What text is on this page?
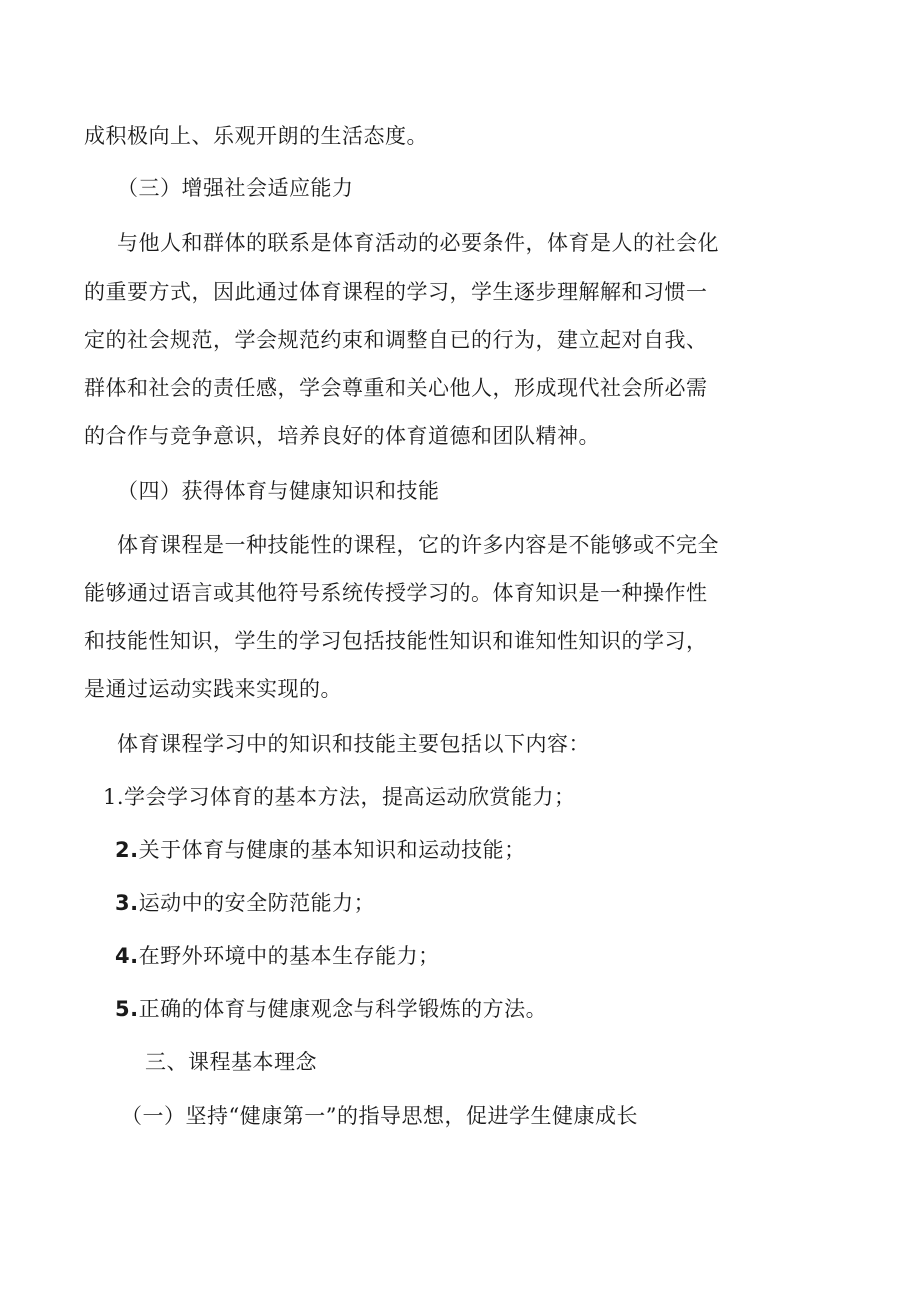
成积极向上、乐观开朗的生活态度。
（三）增强社会适应能力
与他人和群体的联系是体育活动的必要条件，体育是人的社会化
的重要方式，因此通过体育课程的学习，学生逐步理解解和习惯一
定的社会规范，学会规范约束和调整自已的行为，建立起对自我、
群体和社会的责任感，学会尊重和关心他人，形成现代社会所必需
的合作与竞争意识，培养良好的体育道德和团队精神。
（四）获得体育与健康知识和技能
体育课程是一种技能性的课程，它的许多内容是不能够或不完全
能够通过语言或其他符号系统传授学习的。体育知识是一种操作性
和技能性知识，学生的学习包括技能性知识和谁知性知识的学习，
是通过运动实践来实现的。
体育课程学习中的知识和技能主要包括以下内容：
1.学会学习体育的基本方法，提高运动欣赏能力；
2.关于体育与健康的基本知识和运动技能；
3.运动中的安全防范能力；
4.在野外环境中的基本生存能力；
5.正确的体育与健康观念与科学锻炼的方法。
三、课程基本理念
（一）坚持“健康第一”的指导思想，促进学生健康成长
